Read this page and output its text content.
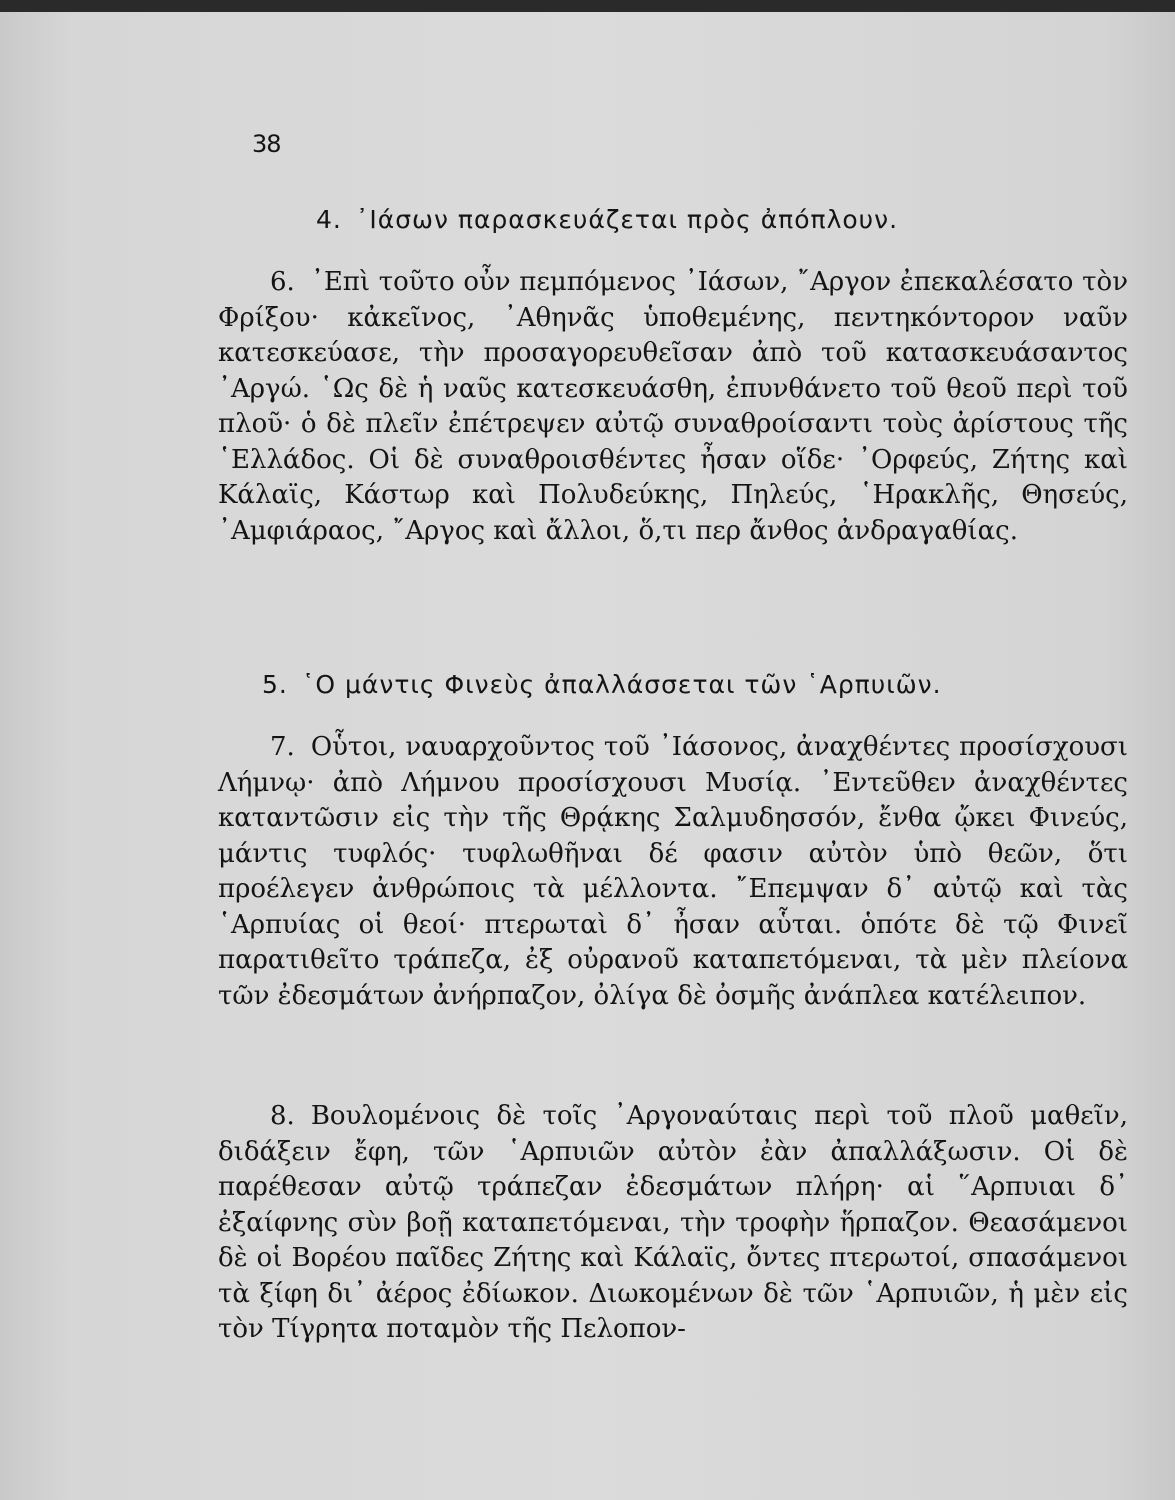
38
4. ᾿Ιάσων παρασκευάζεται πρὸς ἀπόπλουν.

6. ᾿Επὶ τοῦτο οὖν πεμπόμενος ᾿Ιάσων, ῎Αργον ἐπεκαλέσατο τὸν Φρίξου· κἀκεῖνος, ᾿Αθηνᾶς ὑποθεμένης, πεντηκόντορον ναῦν κατεσκεύασε, τὴν προσαγορευθεῖσαν ἀπὸ τοῦ κατασκευάσαντος ᾿Αργώ. ῾Ως δὲ ἡ ναῦς κατεσκευάσθη, ἐπυνθάνετο τοῦ θεοῦ περὶ τοῦ πλοῦ· ὁ δὲ πλεῖν ἐπέτρεψεν αὐτῷ συναθροίσαντι τοὺς ἀρίστους τῆς ῾Ελλάδος. Οἱ δὲ συναθροισθέντες ἦσαν οἵδε· ᾿Ορφεύς, Ζήτης καὶ Κάλαϊς, Κάστωρ καὶ Πολυδεύκης, Πηλεύς, ῾Ηρακλῆς, Θησεύς, ᾿Αμφιάραος, ῎Αργος καὶ ἄλλοι, ὅ,τι περ ἄνθος ἀνδραγαθίας.

5. ῾Ο μάντις Φινεὺς ἀπαλλάσσεται τῶν ῾Αρπυιῶν.

7. Οὗτοι, ναυαρχοῦντος τοῦ ᾿Ιάσονος, ἀναχθέντες προσίσχουσι Λήμνῳ· ἀπὸ Λήμνου προσίσχουσι Μυσίᾳ. ᾿Εντεῦθεν ἀναχθέντες καταντῶσιν εἰς τὴν τῆς Θρᾴκης Σαλμυδησσόν, ἔνθα ᾤκει Φινεύς, μάντις τυφλός· τυφλωθῆναι δέ φασιν αὐτὸν ὑπὸ θεῶν, ὅτι προέλεγεν ἀνθρώποις τὰ μέλλοντα. ῎Επεμψαν δ᾿ αὐτῷ καὶ τὰς ῾Αρπυίας οἱ θεοί· πτερωταὶ δ᾿ ἦσαν αὗται. ὁπότε δὲ τῷ Φινεῖ παρατιθεῖτο τράπεζα, ἐξ οὐρανοῦ καταπετόμεναι, τὰ μὲν πλείονα τῶν ἐδεσμάτων ἀνήρπαζον, ὀλίγα δὲ ὀσμῆς ἀνάπλεα κατέλειπον.

8. Βουλομένοις δὲ τοῖς ᾿Αργοναύταις περὶ τοῦ πλοῦ μαθεῖν, διδάξειν ἔφη, τῶν ῾Αρπυιῶν αὐτὸν ἐὰν ἀπαλλάξωσιν. Οἱ δὲ παρέθεσαν αὐτῷ τράπεζαν ἐδεσμάτων πλήρη· αἱ ῞Αρπυιαι δ᾿ ἐξαίφνης σὺν βοῇ καταπετόμεναι, τὴν τροφὴν ἥρπαζον. Θεασάμενοι δὲ οἱ Βορέου παῖδες Ζήτης καὶ Κάλαϊς, ὄντες πτερωτοί, σπασάμενοι τὰ ξίφη δι᾿ ἀέρος ἐδίωκον. Διωκομένων δὲ τῶν ῾Αρπυιῶν, ἡ μὲν εἰς τὸν Τίγρητα ποταμὸν τῆς Πελοπον-
